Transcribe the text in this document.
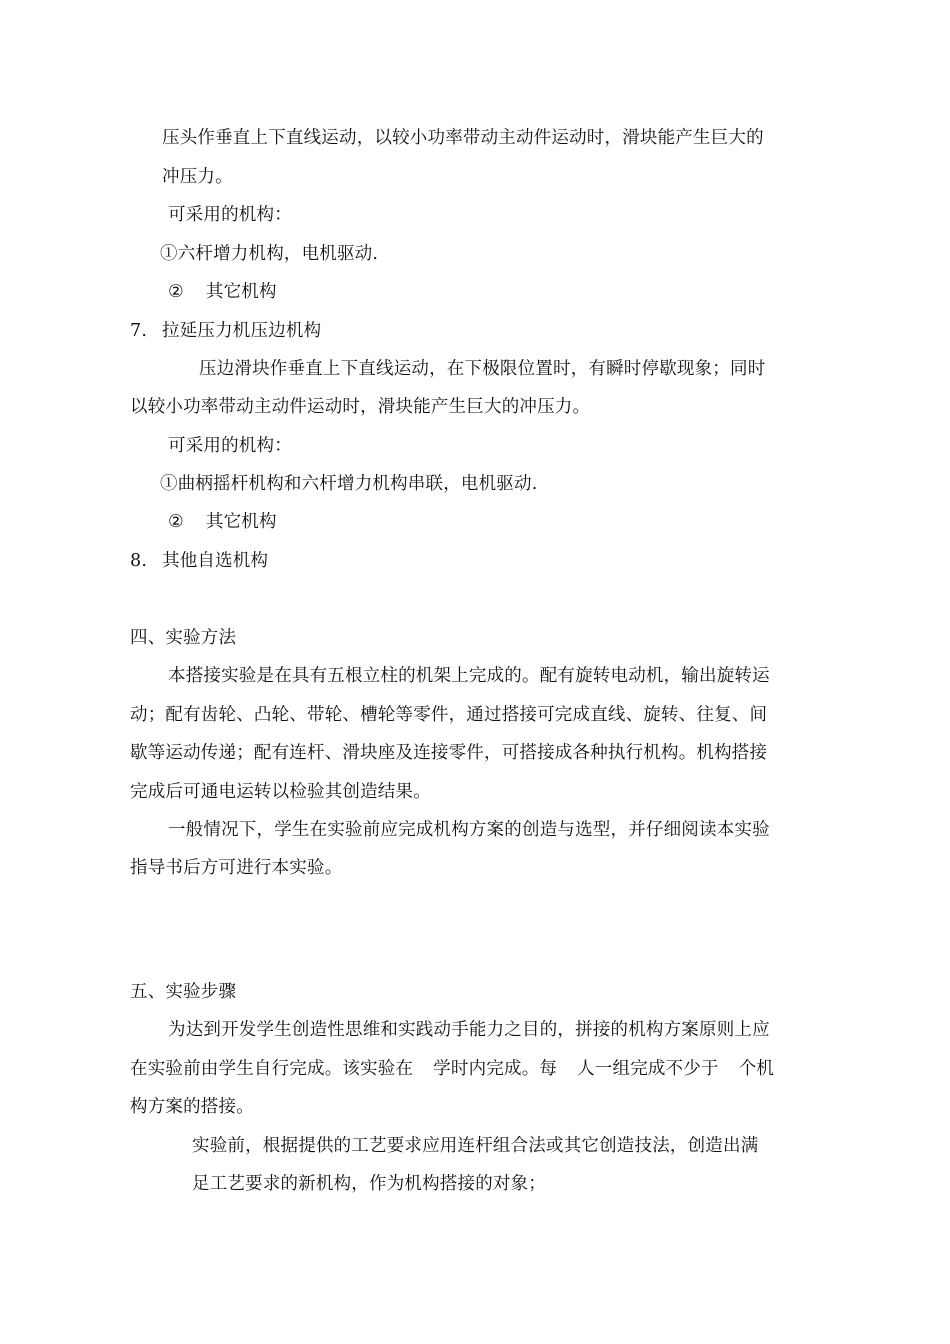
压头作垂直上下直线运动，以较小功率带动主动件运动时，滑块能产生巨大的
冲压力。
可采用的机构：
①六杆增力机构，电机驱动.
② 其它机构
7. 拉延压力机压边机构
压边滑块作垂直上下直线运动，在下极限位置时，有瞬时停歇现象；同时
以较小功率带动主动件运动时，滑块能产生巨大的冲压力。
可采用的机构：
①曲柄摇杆机构和六杆增力机构串联，电机驱动.
② 其它机构
8. 其他自选机构
四、实验方法
本搭接实验是在具有五根立柱的机架上完成的。配有旋转电动机，输出旋转运
动；配有齿轮、凸轮、带轮、槽轮等零件，通过搭接可完成直线、旋转、往复、间
歇等运动传递；配有连杆、滑块座及连接零件，可搭接成各种执行机构。机构搭接
完成后可通电运转以检验其创造结果。
一般情况下，学生在实验前应完成机构方案的创造与选型，并仔细阅读本实验
指导书后方可进行本实验。
五、实验步骤
为达到开发学生创造性思维和实践动手能力之目的，拼接的机构方案原则上应
在实验前由学生自行完成。该实验在 学时内完成。每 人一组完成不少于 个机
构方案的搭接。
实验前，根据提供的工艺要求应用连杆组合法或其它创造技法，创造出满
足工艺要求的新机构，作为机构搭接的对象；
